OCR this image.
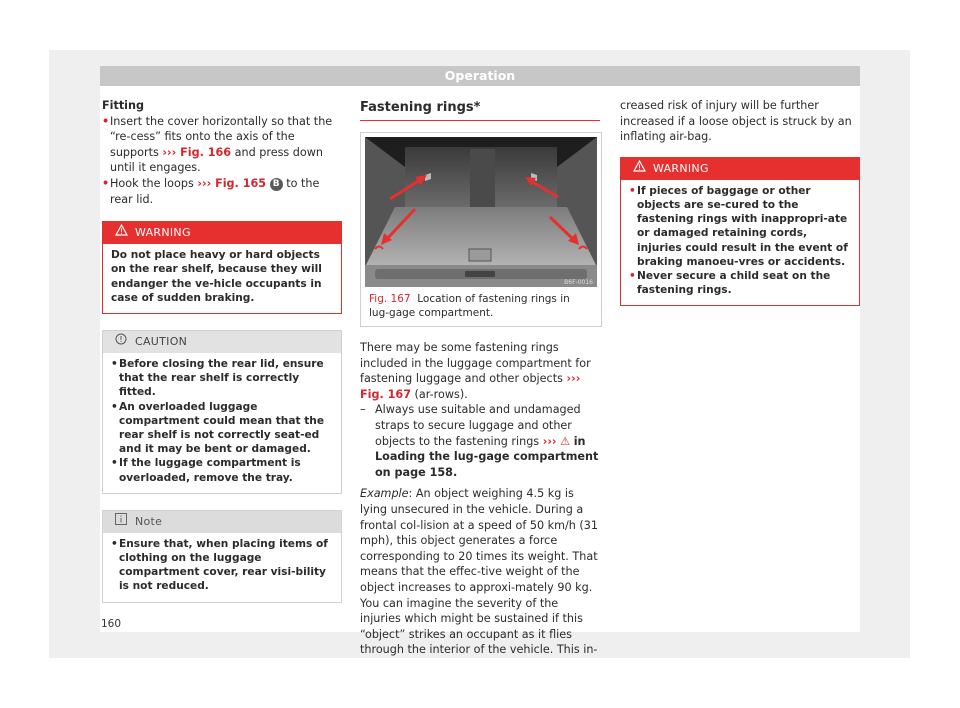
Operation

Fitting

• Insert the cover horizontally so that the “re-cess” fits onto the axis of the supports ››› Fig. 166 and press down until it engages.

• Hook the loops ››› Fig. 165 B to the rear lid.

WARNING
Do not place heavy or hard objects on the rear shelf, because they will endanger the ve-hicle occupants in case of sudden braking.
CAUTION

• Before closing the rear lid, ensure that the rear shelf is correctly fitted.

• An overloaded luggage compartment could mean that the rear shelf is not correctly seat-ed and it may be bent or damaged.

• If the luggage compartment is overloaded, remove the tray.

Note

• Ensure that, when placing items of clothing on the luggage compartment cover, rear visi-bility is not reduced.

Fastening rings*
B6F-0016
Fig. 167 Location of fastening rings in lug-gage compartment.

There may be some fastening rings included in the luggage compartment for fastening luggage and other objects ››› Fig. 167 (ar-rows).

– Always use suitable and undamaged straps to secure luggage and other objects to the fastening rings ››› ⚠ in Loading the lug-gage compartment on page 158.

Example: An object weighing 4.5 kg is lying unsecured in the vehicle. During a frontal col-lision at a speed of 50 km/h (31 mph), this object generates a force corresponding to 20 times its weight. That means that the effec-tive weight of the object increases to approxi-mately 90 kg. You can imagine the severity of the injuries which might be sustained if this “object” strikes an occupant as it flies through the interior of the vehicle. This in-

creased risk of injury will be further increased if a loose object is struck by an inflating air-bag.

WARNING

• If pieces of baggage or other objects are se-cured to the fastening rings with inappropri-ate or damaged retaining cords, injuries could result in the event of braking manoeu-vres or accidents.

• Never secure a child seat on the fastening rings.

160
